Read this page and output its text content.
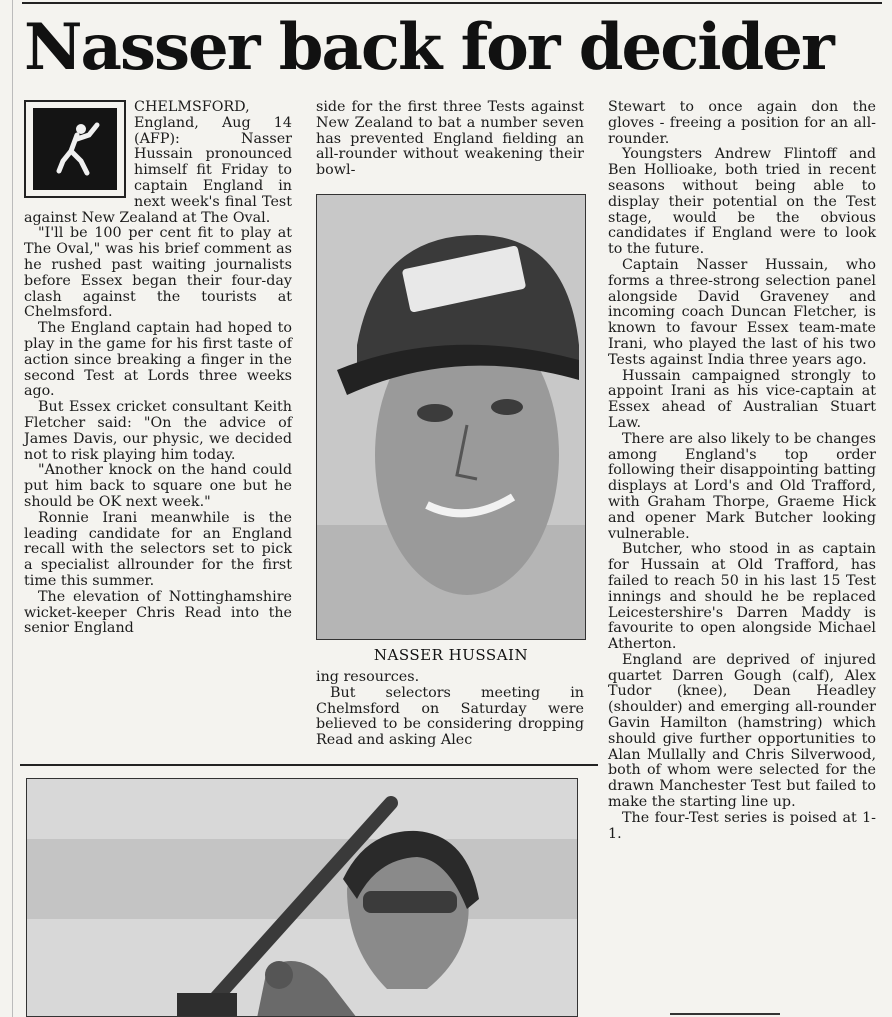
Nasser back for decider

CHELMSFORD, England, Aug 14 (AFP): Nasser Hussain pronounced himself fit Friday to captain England in next week's final Test against New Zealand at The Oval.

"I'll be 100 per cent fit to play at The Oval," was his brief comment as he rushed past waiting journalists before Essex began their four-day clash against the tourists at Chelmsford.

The England captain had hoped to play in the game for his first taste of action since breaking a finger in the second Test at Lords three weeks ago.

But Essex cricket consultant Keith Fletcher said: "On the advice of James Davis, our physic, we decided not to risk playing him today.

"Another knock on the hand could put him back to square one but he should be OK next week."

Ronnie Irani meanwhile is the leading candidate for an England recall with the selectors set to pick a specialist allrounder for the first time this summer.

The elevation of Nottinghamshire wicket-keeper Chris Read into the senior England

side for the first three Tests against New Zealand to bat a number seven has prevented England fielding an all-rounder without weakening their bowl-

NASSER HUSSAIN

ing resources.

But selectors meeting in Chelmsford on Saturday were believed to be considering dropping Read and asking Alec

Stewart to once again don the gloves - freeing a position for an all-rounder.

Youngsters Andrew Flintoff and Ben Hollioake, both tried in recent seasons without being able to display their potential on the Test stage, would be the obvious candidates if England were to look to the future.

Captain Nasser Hussain, who forms a three-strong selection panel alongside David Graveney and incoming coach Duncan Fletcher, is known to favour Essex team-mate Irani, who played the last of his two Tests against India three years ago.

Hussain campaigned strongly to appoint Irani as his vice-captain at Essex ahead of Australian Stuart Law.

There are also likely to be changes among England's top order following their disappointing batting displays at Lord's and Old Trafford, with Graham Thorpe, Graeme Hick and opener Mark Butcher looking vulnerable.

Butcher, who stood in as captain for Hussain at Old Trafford, has failed to reach 50 in his last 15 Test innings and should he be replaced Leicestershire's Darren Maddy is favourite to open alongside Michael Atherton.

England are deprived of injured quartet Darren Gough (calf), Alex Tudor (knee), Dean Headley (shoulder) and emerging all-rounder Gavin Hamilton (hamstring) which should give further opportunities to Alan Mullally and Chris Silverwood, both of whom were selected for the drawn Manchester Test but failed to make the starting line up.

The four-Test series is poised at 1-1.
